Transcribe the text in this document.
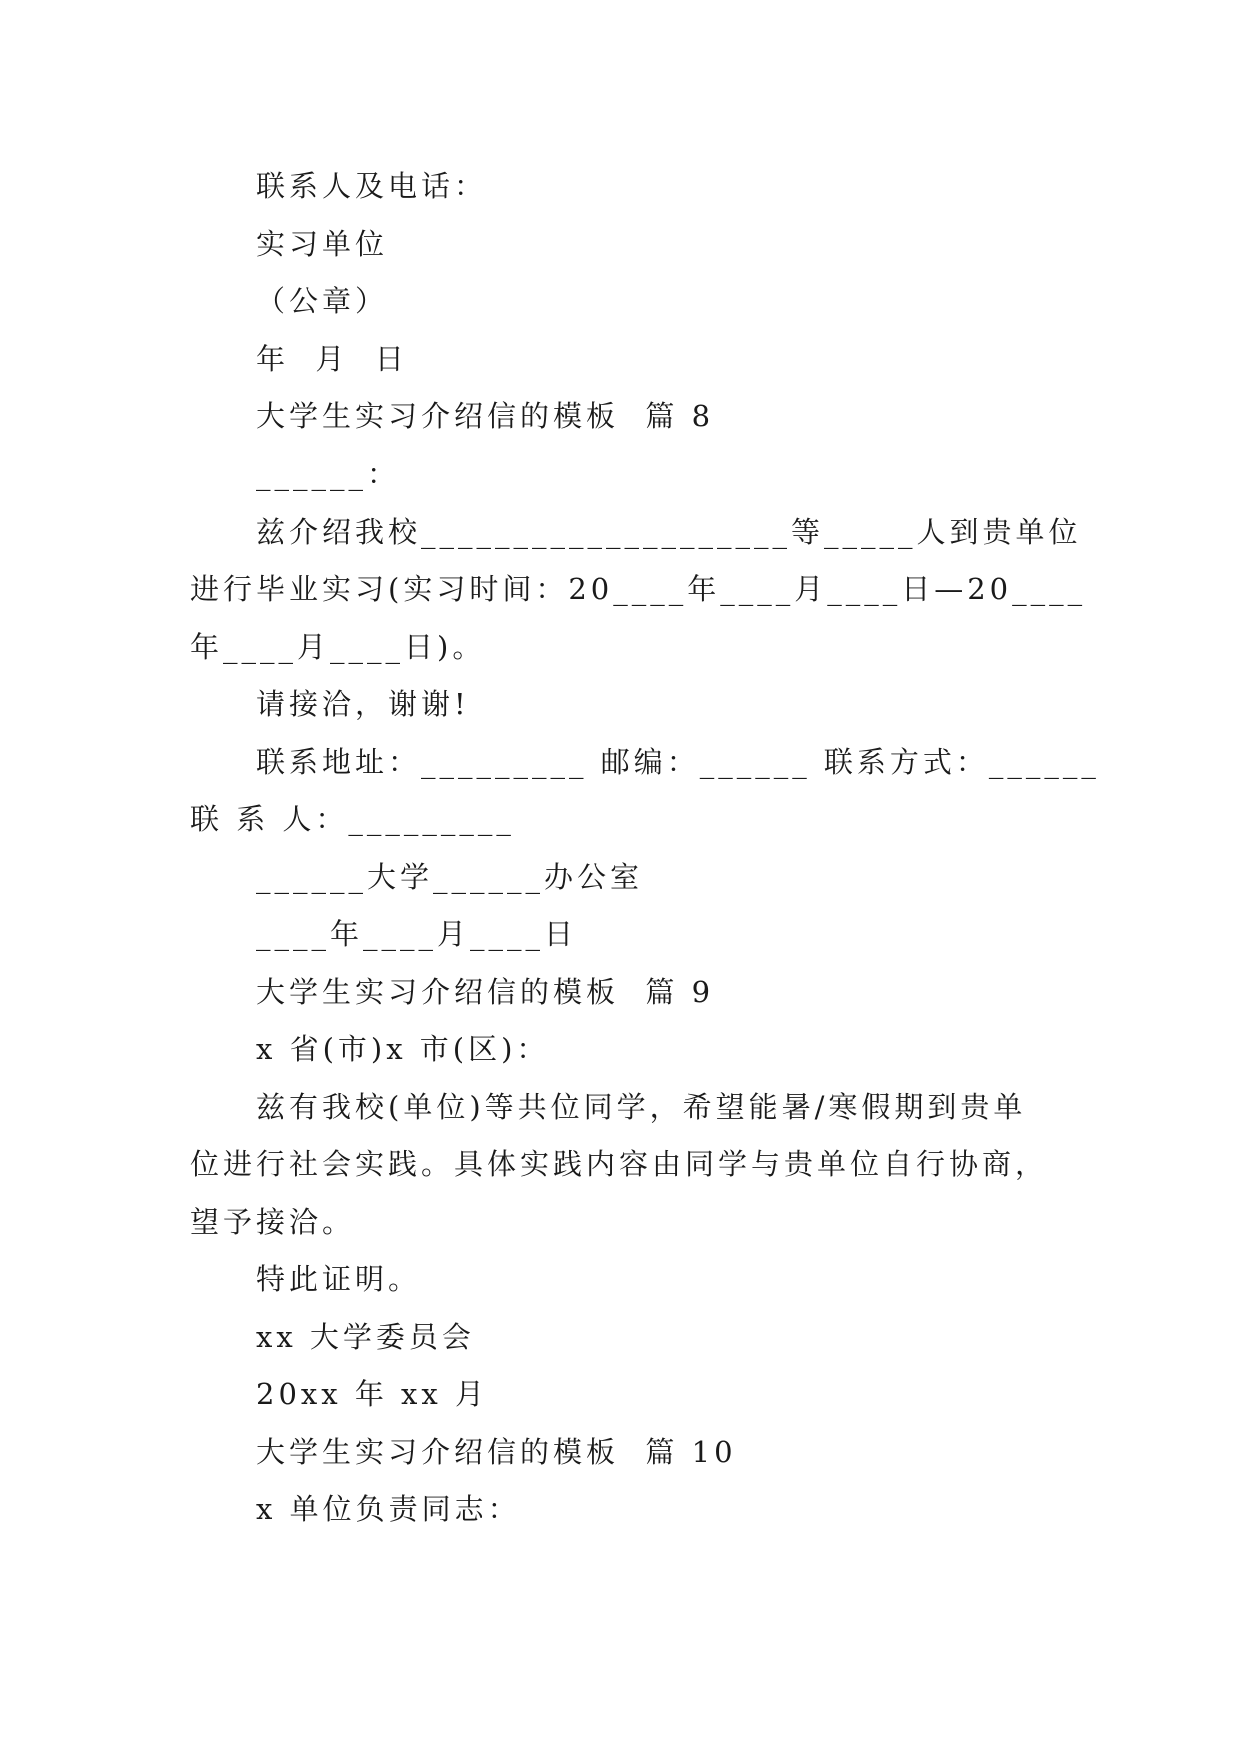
联系人及电话：
实习单位
（公章）
年  月  日
大学生实习介绍信的模板  篇 8
______：
兹介绍我校____________________等_____人到贵单位
进行毕业实习(实习时间：20____年____月____日—20____
年____月____日)。
请接洽，谢谢!
联系地址：_________ 邮编：______ 联系方式：______
联 系 人：_________
______大学______办公室
____年____月____日
大学生实习介绍信的模板  篇 9
x 省(市)x 市(区)：
兹有我校(单位)等共位同学，希望能暑/寒假期到贵单
位进行社会实践。具体实践内容由同学与贵单位自行协商，
望予接洽。
特此证明。
xx 大学委员会
20xx 年 xx 月
大学生实习介绍信的模板  篇 10
x 单位负责同志：
